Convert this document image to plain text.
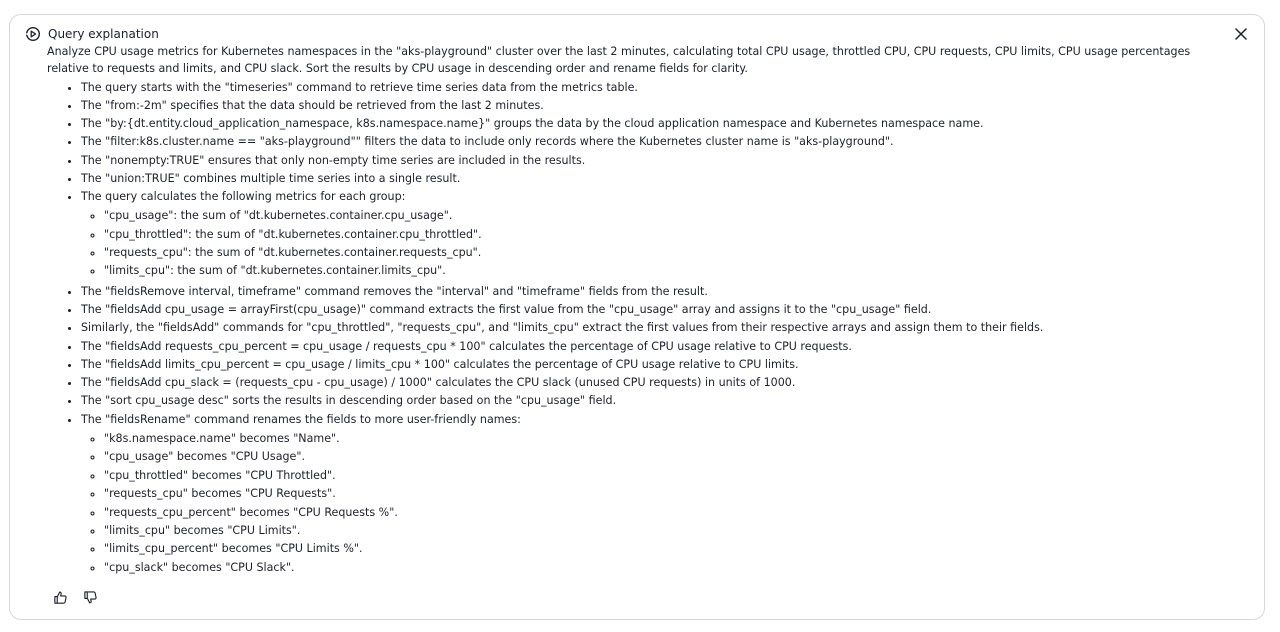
Query explanation

Analyze CPU usage metrics for Kubernetes namespaces in the "aks-playground" cluster over the last 2 minutes, calculating total CPU usage, throttled CPU, CPU requests, CPU limits, CPU usage percentages relative to requests and limits, and CPU slack. Sort the results by CPU usage in descending order and rename fields for clarity.

• The query starts with the "timeseries" command to retrieve time series data from the metrics table.
• The "from:-2m" specifies that the data should be retrieved from the last 2 minutes.
• The "by:{dt.entity.cloud_application_namespace, k8s.namespace.name}" groups the data by the cloud application namespace and Kubernetes namespace name.
• The "filter:k8s.cluster.name == "aks-playground"" filters the data to include only records where the Kubernetes cluster name is "aks-playground".
• The "nonempty:TRUE" ensures that only non-empty time series are included in the results.
• The "union:TRUE" combines multiple time series into a single result.
• The query calculates the following metrics for each group:
◦ "cpu_usage": the sum of "dt.kubernetes.container.cpu_usage".
◦ "cpu_throttled": the sum of "dt.kubernetes.container.cpu_throttled".
◦ "requests_cpu": the sum of "dt.kubernetes.container.requests_cpu".
◦ "limits_cpu": the sum of "dt.kubernetes.container.limits_cpu".
• The "fieldsRemove interval, timeframe" command removes the "interval" and "timeframe" fields from the result.
• The "fieldsAdd cpu_usage = arrayFirst(cpu_usage)" command extracts the first value from the "cpu_usage" array and assigns it to the "cpu_usage" field.
• Similarly, the "fieldsAdd" commands for "cpu_throttled", "requests_cpu", and "limits_cpu" extract the first values from their respective arrays and assign them to their fields.
• The "fieldsAdd requests_cpu_percent = cpu_usage / requests_cpu * 100" calculates the percentage of CPU usage relative to CPU requests.
• The "fieldsAdd limits_cpu_percent = cpu_usage / limits_cpu * 100" calculates the percentage of CPU usage relative to CPU limits.
• The "fieldsAdd cpu_slack = (requests_cpu - cpu_usage) / 1000" calculates the CPU slack (unused CPU requests) in units of 1000.
• The "sort cpu_usage desc" sorts the results in descending order based on the "cpu_usage" field.
• The "fieldsRename" command renames the fields to more user-friendly names:
◦ "k8s.namespace.name" becomes "Name".
◦ "cpu_usage" becomes "CPU Usage".
◦ "cpu_throttled" becomes "CPU Throttled".
◦ "requests_cpu" becomes "CPU Requests".
◦ "requests_cpu_percent" becomes "CPU Requests %".
◦ "limits_cpu" becomes "CPU Limits".
◦ "limits_cpu_percent" becomes "CPU Limits %".
◦ "cpu_slack" becomes "CPU Slack".
